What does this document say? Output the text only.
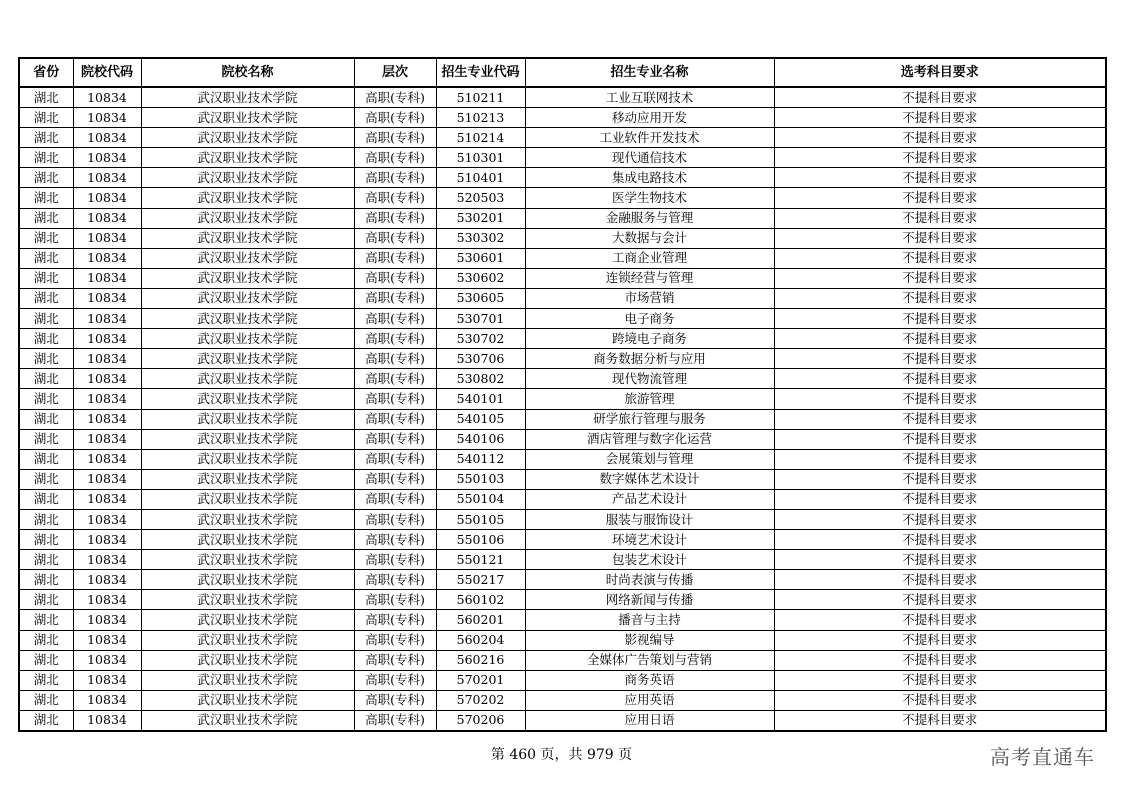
省份	院校代码	院校名称	层次	招生专业代码	招生专业名称	选考科目要求
湖北	10834	武汉职业技术学院	高职(专科)	510211	工业互联网技术	不提科目要求
湖北	10834	武汉职业技术学院	高职(专科)	510213	移动应用开发	不提科目要求
湖北	10834	武汉职业技术学院	高职(专科)	510214	工业软件开发技术	不提科目要求
湖北	10834	武汉职业技术学院	高职(专科)	510301	现代通信技术	不提科目要求
湖北	10834	武汉职业技术学院	高职(专科)	510401	集成电路技术	不提科目要求
湖北	10834	武汉职业技术学院	高职(专科)	520503	医学生物技术	不提科目要求
湖北	10834	武汉职业技术学院	高职(专科)	530201	金融服务与管理	不提科目要求
湖北	10834	武汉职业技术学院	高职(专科)	530302	大数据与会计	不提科目要求
湖北	10834	武汉职业技术学院	高职(专科)	530601	工商企业管理	不提科目要求
湖北	10834	武汉职业技术学院	高职(专科)	530602	连锁经营与管理	不提科目要求
湖北	10834	武汉职业技术学院	高职(专科)	530605	市场营销	不提科目要求
湖北	10834	武汉职业技术学院	高职(专科)	530701	电子商务	不提科目要求
湖北	10834	武汉职业技术学院	高职(专科)	530702	跨境电子商务	不提科目要求
湖北	10834	武汉职业技术学院	高职(专科)	530706	商务数据分析与应用	不提科目要求
湖北	10834	武汉职业技术学院	高职(专科)	530802	现代物流管理	不提科目要求
湖北	10834	武汉职业技术学院	高职(专科)	540101	旅游管理	不提科目要求
湖北	10834	武汉职业技术学院	高职(专科)	540105	研学旅行管理与服务	不提科目要求
湖北	10834	武汉职业技术学院	高职(专科)	540106	酒店管理与数字化运营	不提科目要求
湖北	10834	武汉职业技术学院	高职(专科)	540112	会展策划与管理	不提科目要求
湖北	10834	武汉职业技术学院	高职(专科)	550103	数字媒体艺术设计	不提科目要求
湖北	10834	武汉职业技术学院	高职(专科)	550104	产品艺术设计	不提科目要求
湖北	10834	武汉职业技术学院	高职(专科)	550105	服装与服饰设计	不提科目要求
湖北	10834	武汉职业技术学院	高职(专科)	550106	环境艺术设计	不提科目要求
湖北	10834	武汉职业技术学院	高职(专科)	550121	包装艺术设计	不提科目要求
湖北	10834	武汉职业技术学院	高职(专科)	550217	时尚表演与传播	不提科目要求
湖北	10834	武汉职业技术学院	高职(专科)	560102	网络新闻与传播	不提科目要求
湖北	10834	武汉职业技术学院	高职(专科)	560201	播音与主持	不提科目要求
湖北	10834	武汉职业技术学院	高职(专科)	560204	影视编导	不提科目要求
湖北	10834	武汉职业技术学院	高职(专科)	560216	全媒体广告策划与营销	不提科目要求
湖北	10834	武汉职业技术学院	高职(专科)	570201	商务英语	不提科目要求
湖北	10834	武汉职业技术学院	高职(专科)	570202	应用英语	不提科目要求
湖北	10834	武汉职业技术学院	高职(专科)	570206	应用日语	不提科目要求
第 460 页，共 979 页	高考直通车
